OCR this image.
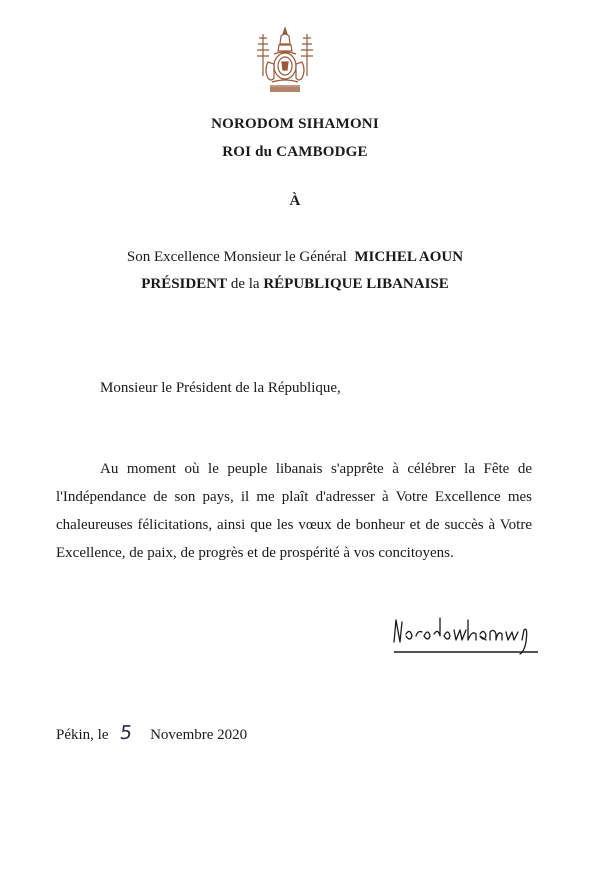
NORODOM SIHAMONI
ROI du CAMBODGE
À
Son Excellence Monsieur le Général MICHEL AOUN
PRÉSIDENT de la RÉPUBLIQUE LIBANAISE
Monsieur le Président de la République,
Au moment où le peuple libanais s'apprête à célébrer la Fête de l'Indépendance de son pays, il me plaît d'adresser à Votre Excellence mes chaleureuses félicitations, ainsi que les vœux de bonheur et de succès à Votre Excellence, de paix, de progrès et de prospérité à vos concitoyens.
Pékin, le 5 Novembre 2020
